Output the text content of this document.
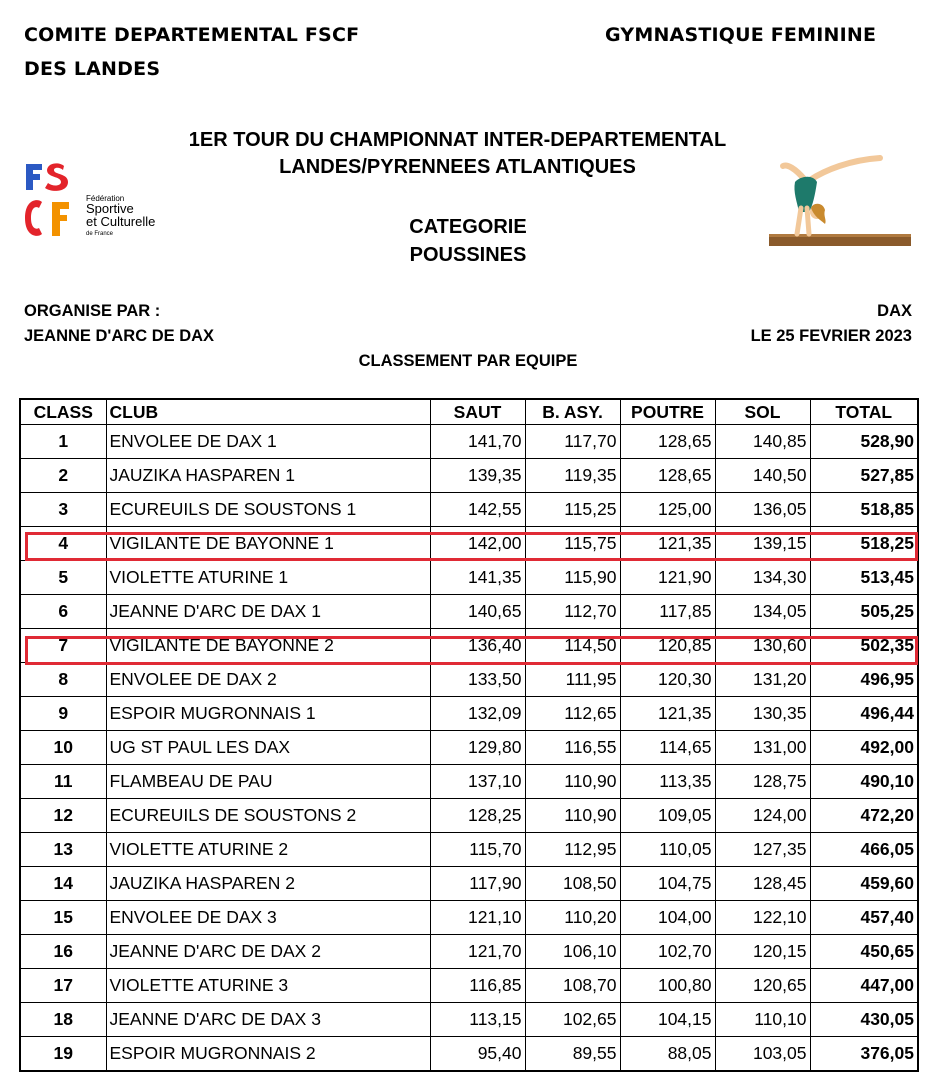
COMITE DEPARTEMENTAL FSCF
DES LANDES
GYMNASTIQUE FEMININE
1ER TOUR DU CHAMPIONNAT INTER-DEPARTEMENTAL
LANDES/PYRENNEES ATLANTIQUES
Fédération
Sportive
et Culturelle
de France	CATEGORIE
POUSSINES
ORGANISE PAR :
JEANNE D'ARC DE DAX
DAX
LE 25 FEVRIER 2023
CLASSEMENT PAR EQUIPE
CLASS	CLUB	SAUT	B. ASY.	POUTRE	SOL	TOTAL
1	ENVOLEE DE DAX 1	141,70	117,70	128,65	140,85	528,90
2	JAUZIKA HASPAREN 1	139,35	119,35	128,65	140,50	527,85
3	ECUREUILS DE SOUSTONS 1	142,55	115,25	125,00	136,05	518,85
4	VIGILANTE DE BAYONNE 1	142,00	115,75	121,35	139,15	518,25
5	VIOLETTE ATURINE 1	141,35	115,90	121,90	134,30	513,45
6	JEANNE D'ARC DE DAX 1	140,65	112,70	117,85	134,05	505,25
7	VIGILANTE DE BAYONNE 2	136,40	114,50	120,85	130,60	502,35
8	ENVOLEE DE DAX 2	133,50	111,95	120,30	131,20	496,95
9	ESPOIR MUGRONNAIS 1	132,09	112,65	121,35	130,35	496,44
10	UG ST PAUL LES DAX	129,80	116,55	114,65	131,00	492,00
11	FLAMBEAU DE PAU	137,10	110,90	113,35	128,75	490,10
12	ECUREUILS DE SOUSTONS 2	128,25	110,90	109,05	124,00	472,20
13	VIOLETTE ATURINE 2	115,70	112,95	110,05	127,35	466,05
14	JAUZIKA HASPAREN 2	117,90	108,50	104,75	128,45	459,60
15	ENVOLEE DE DAX 3	121,10	110,20	104,00	122,10	457,40
16	JEANNE D'ARC DE DAX 2	121,70	106,10	102,70	120,15	450,65
17	VIOLETTE ATURINE 3	116,85	108,70	100,80	120,65	447,00
18	JEANNE D'ARC DE DAX 3	113,15	102,65	104,15	110,10	430,05
19	ESPOIR MUGRONNAIS 2	95,40	89,55	88,05	103,05	376,05
